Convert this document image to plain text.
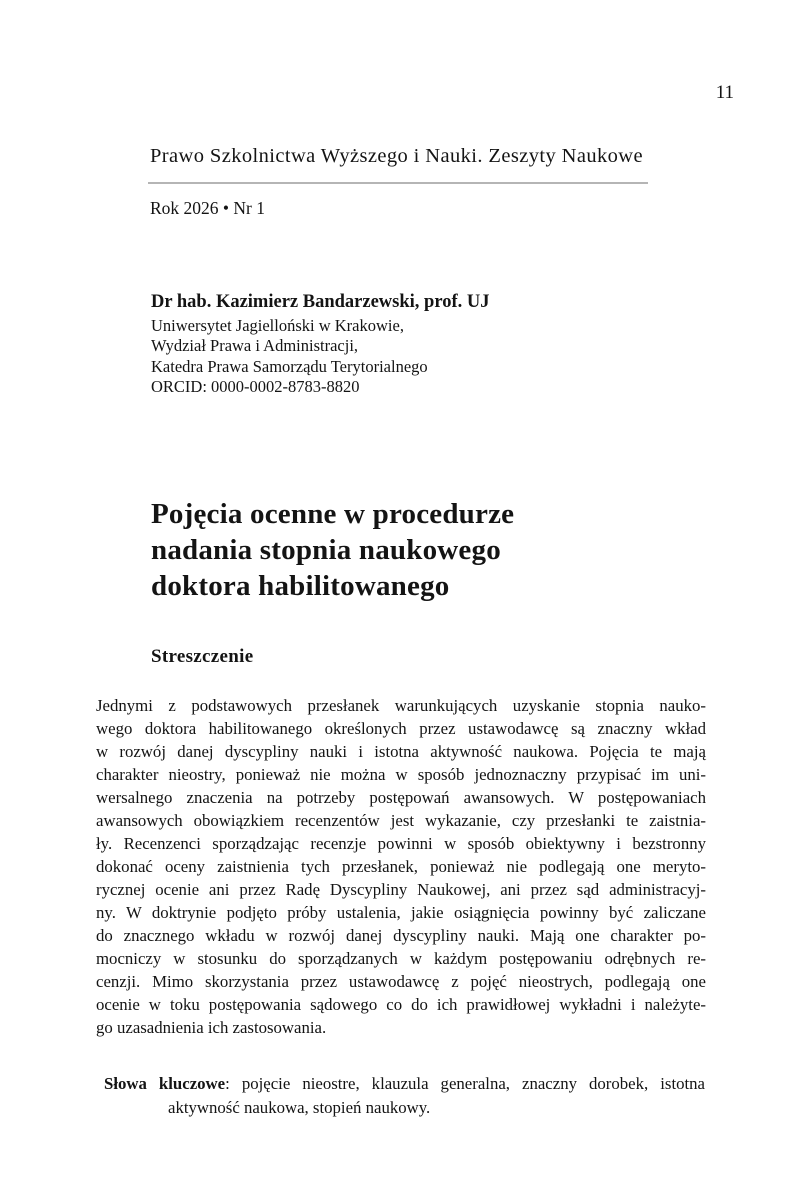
11
Prawo Szkolnictwa Wyższego i Nauki. Zeszyty Naukowe
Rok 2026 • Nr 1
Dr hab. Kazimierz Bandarzewski, prof. UJ
Uniwersytet Jagielloński w Krakowie,
Wydział Prawa i Administracji,
Katedra Prawa Samorządu Terytorialnego
ORCID: 0000-0002-8783-8820
Pojęcia ocenne w procedurze
nadania stopnia naukowego
doktora habilitowanego
Streszczenie
Jednymi z podstawowych przesłanek warunkujących uzyskanie stopnia nauko-
wego doktora habilitowanego określonych przez ustawodawcę są znaczny wkład
w rozwój danej dyscypliny nauki i istotna aktywność naukowa. Pojęcia te mają
charakter nieostry, ponieważ nie można w sposób jednoznaczny przypisać im uni-
wersalnego znaczenia na potrzeby postępowań awansowych. W postępowaniach
awansowych obowiązkiem recenzentów jest wykazanie, czy przesłanki te zaistnia-
ły. Recenzenci sporządzając recenzje powinni w sposób obiektywny i bezstronny
dokonać oceny zaistnienia tych przesłanek, ponieważ nie podlegają one meryto-
rycznej ocenie ani przez Radę Dyscypliny Naukowej, ani przez sąd administracyj-
ny. W doktrynie podjęto próby ustalenia, jakie osiągnięcia powinny być zaliczane
do znacznego wkładu w rozwój danej dyscypliny nauki. Mają one charakter po-
mocniczy w stosunku do sporządzanych w każdym postępowaniu odrębnych re-
cenzji. Mimo skorzystania przez ustawodawcę z pojęć nieostrych, podlegają one
ocenie w toku postępowania sądowego co do ich prawidłowej wykładni i należyte-
go uzasadnienia ich zastosowania.
Słowa kluczowe: pojęcie nieostre, klauzula generalna, znaczny dorobek, istotna
aktywność naukowa, stopień naukowy.
